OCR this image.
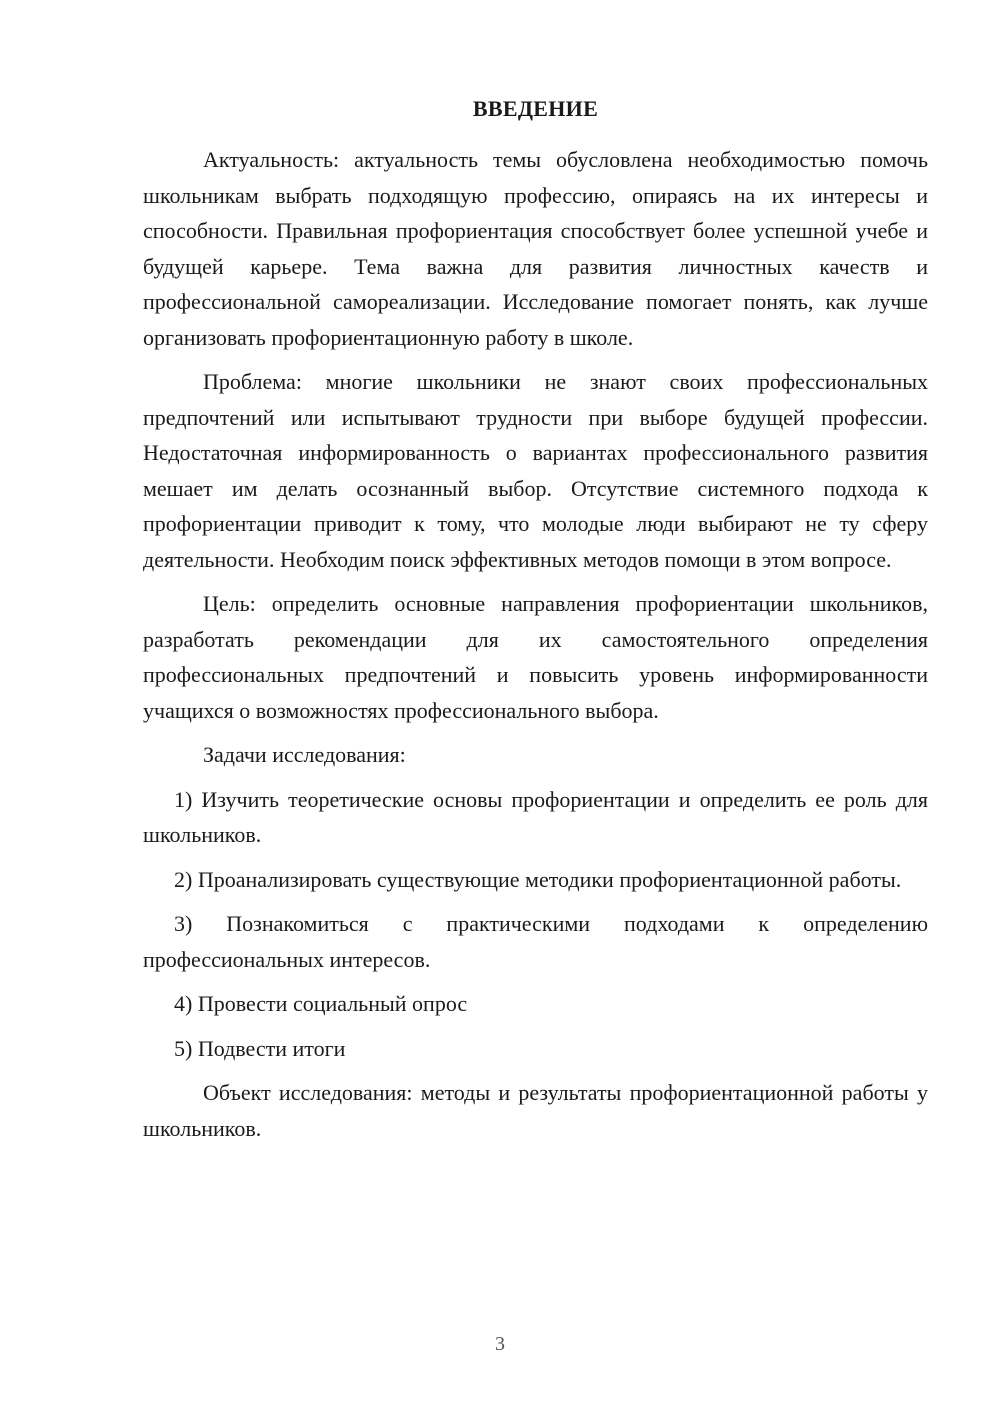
ВВЕДЕНИЕ

Актуальность: актуальность темы обусловлена необходимостью помочь школьникам выбрать подходящую профессию, опираясь на их интересы и способности. Правильная профориентация способствует более успешной учебе и будущей карьере. Тема важна для развития личностных качеств и профессиональной самореализации. Исследование помогает понять, как лучше организовать профориентационную работу в школе.

Проблема: многие школьники не знают своих профессиональных предпочтений или испытывают трудности при выборе будущей профессии. Недостаточная информированность о вариантах профессионального развития мешает им делать осознанный выбор. Отсутствие системного подхода к профориентации приводит к тому, что молодые люди выбирают не ту сферу деятельности. Необходим поиск эффективных методов помощи в этом вопросе.

Цель: определить основные направления профориентации школьников, разработать рекомендации для их самостоятельного определения профессиональных предпочтений и повысить уровень информированности учащихся о возможностях профессионального выбора.

Задачи исследования:

1) Изучить теоретические основы профориентации и определить ее роль для школьников.

2) Проанализировать существующие методики профориентационной работы.

3) Познакомиться с практическими подходами к определению профессиональных интересов.

4) Провести социальный опрос

5) Подвести итоги

Объект исследования: методы и результаты профориентационной работы у школьников.

3
